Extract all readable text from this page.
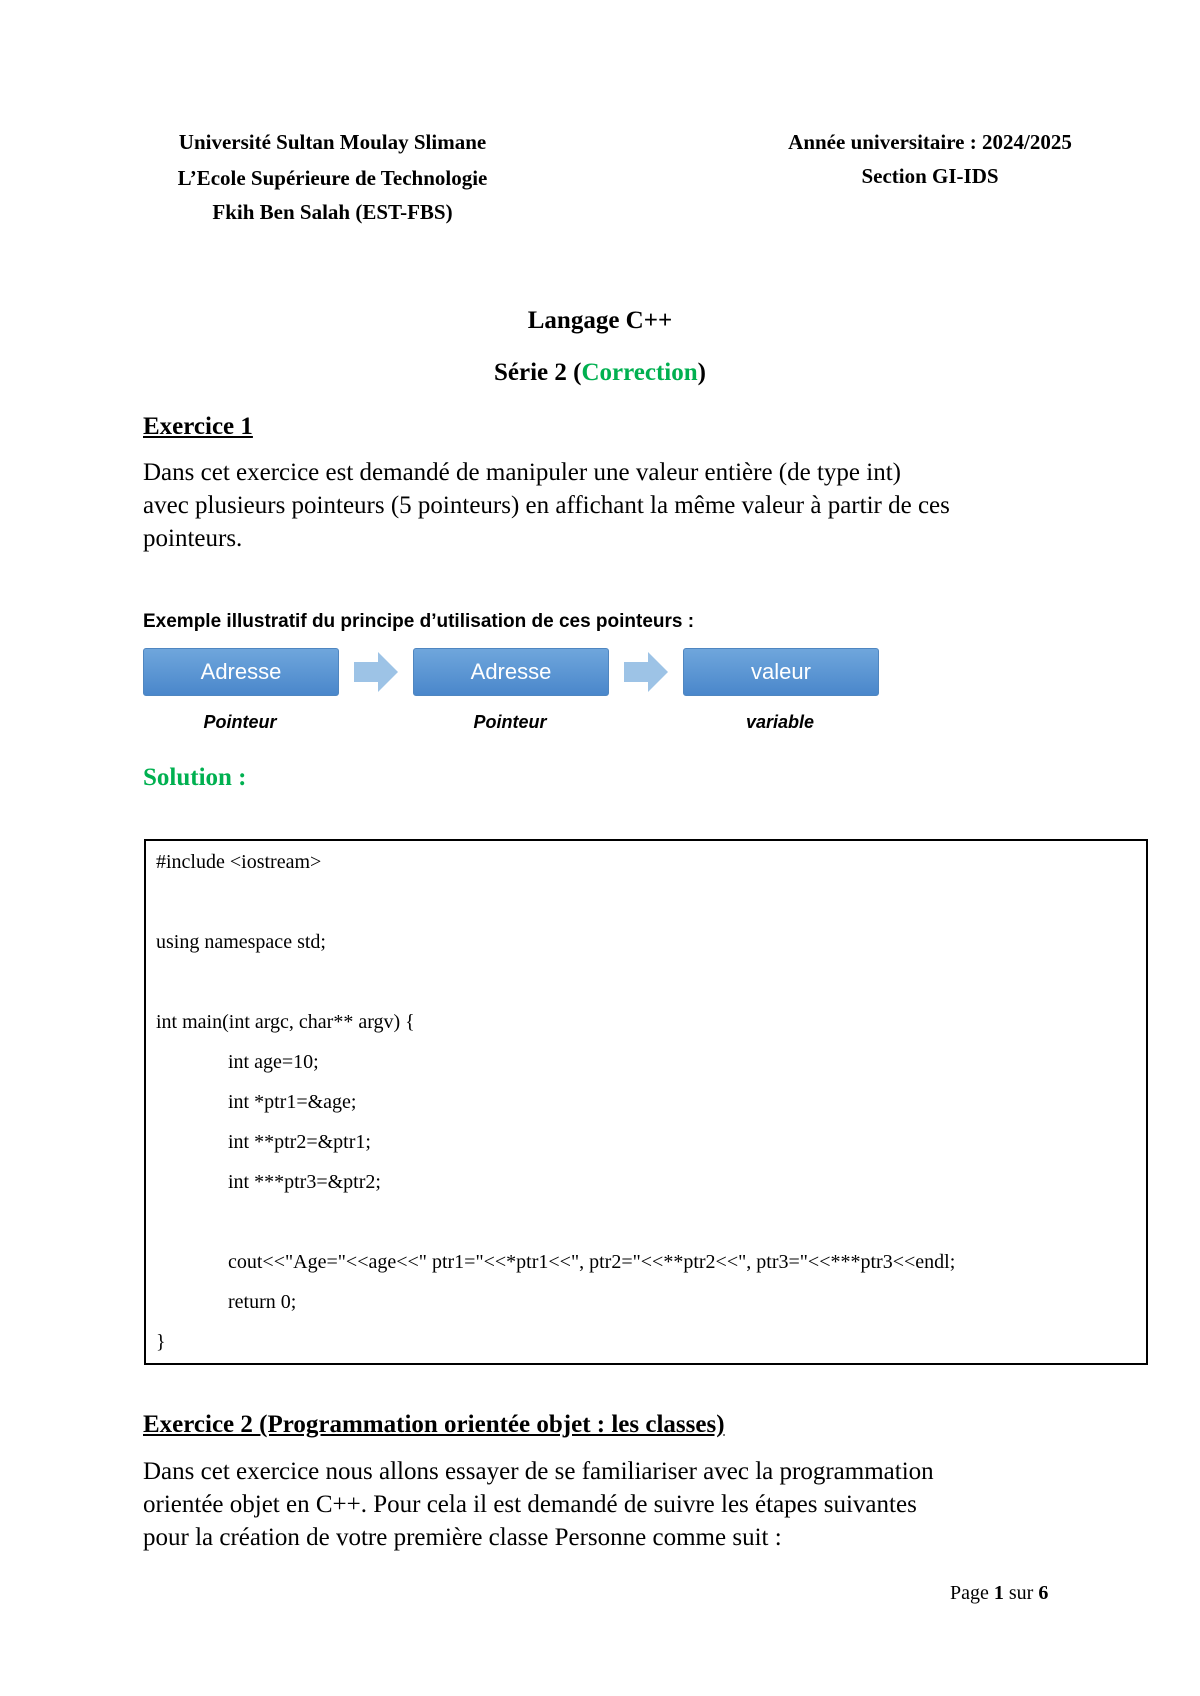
Université Sultan Moulay Slimane
L’Ecole Supérieure de Technologie
Fkih Ben Salah (EST-FBS)
Année universitaire : 2024/2025
Section GI-IDS
Langage C++
Série 2 (Correction)
Exercice 1
Dans cet exercice est demandé de manipuler une valeur entière (de type int)
avec plusieurs pointeurs (5 pointeurs) en affichant la même valeur à partir de ces
pointeurs.
Exemple illustratif du principe d’utilisation de ces pointeurs :
Adresse	Adresse	valeur
Pointeur	Pointeur	variable
Solution :
#include <iostream>
using namespace std;
int main(int argc, char** argv) {
int age=10;
int *ptr1=&age;
int **ptr2=&ptr1;
int ***ptr3=&ptr2;
cout<<"Age="<<age<<" ptr1="<<*ptr1<<", ptr2="<<**ptr2<<", ptr3="<<***ptr3<<endl;
return 0;
}
Exercice 2 (Programmation orientée objet : les classes)
Dans cet exercice nous allons essayer de se familiariser avec la programmation
orientée objet en C++. Pour cela il est demandé de suivre les étapes suivantes
pour la création de votre première classe Personne comme suit :
Page 1 sur 6
